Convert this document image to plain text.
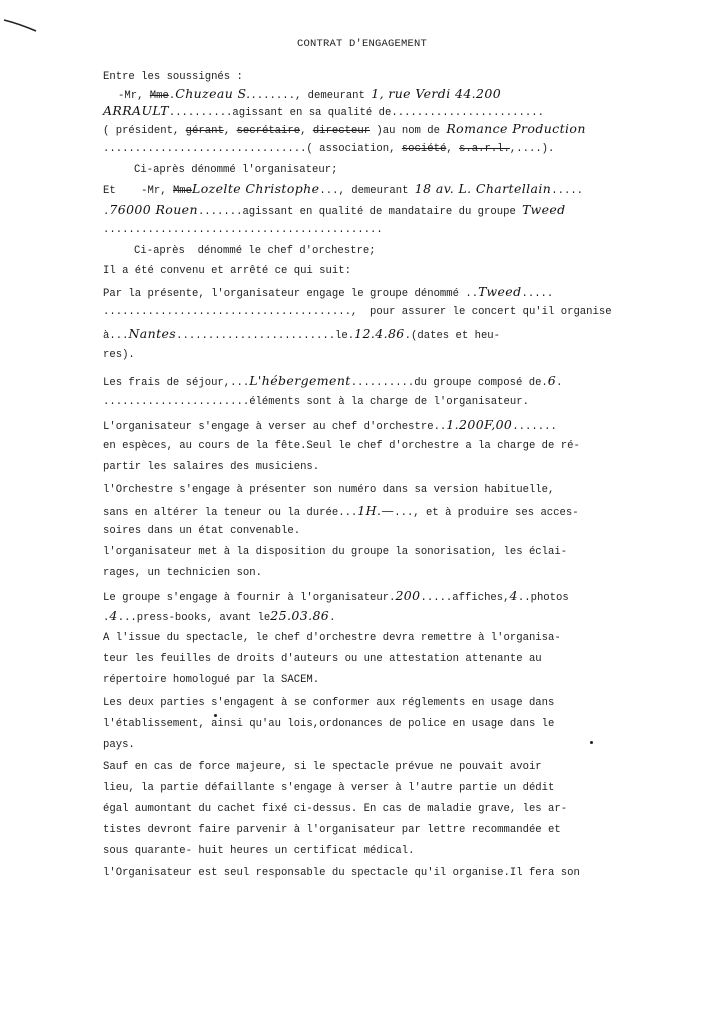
CONTRAT D'ENGAGEMENT
Entre les soussignés :
-Mr, Mme.Chuzeau S........, demeurant 1, rue Verdi 44.200
ARRAULT..........agissant en sa qualité de........................
( président, gérant, secrétaire, directeur )au nom de Romance Production
................................( association, société, s.a.r.l.,....).
Ci-après dénommé l'organisateur;
Et    -Mr, MmeLozelte Christophe..., demeurant 18 av. L. Chartellain.....
.76000 Rouen.......agissant en qualité de mandataire du groupe Tweed
............................................
Ci-après  dénommé le chef d'orchestre;
Il a été convenu et arrêté ce qui suit:
Par la présente, l'organisateur engage le groupe dénommé ..Tweed.....
.......................................,  pour assurer le concert qu'il organise
à...Nantes.........................le.12.4.86.(dates et heu-
res).
Les frais de séjour,...L'hébergement..........du groupe composé de.6.
.......................éléments sont à la charge de l'organisateur.
L'organisateur s'engage à verser au chef d'orchestre..1.200F,00.......
en espèces, au cours de la fête.Seul le chef d'orchestre a la charge de ré-
partir les salaires des musiciens.
l'Orchestre s'engage à présenter son numéro dans sa version habituelle,
sans en altérer la teneur ou la durée...1H.—..., et à produire ses acces-
soires dans un état convenable.
l'organisateur met à la disposition du groupe la sonorisation, les éclai-
rages, un technicien son.
Le groupe s'engage à fournir à l'organisateur.200.....affiches,4..photos
.4...press-books, avant le25.03.86.
A l'issue du spectacle, le chef d'orchestre devra remettre à l'organisa-
teur les feuilles de droits d'auteurs ou une attestation attenante au
répertoire homologué par la SACEM.
Les deux parties s'engagent à se conformer aux réglements en usage dans
l'établissement, ainsi qu'au lois,ordonances de police en usage dans le
pays.
Sauf en cas de force majeure, si le spectacle prévue ne pouvait avoir
lieu, la partie défaillante s'engage à verser à l'autre partie un dédit
égal aumontant du cachet fixé ci-dessus. En cas de maladie grave, les ar-
tistes devront faire parvenir à l'organisateur par lettre recommandée et
sous quarante- huit heures un certificat médical.
l'Organisateur est seul responsable du spectacle qu'il organise.Il fera son
